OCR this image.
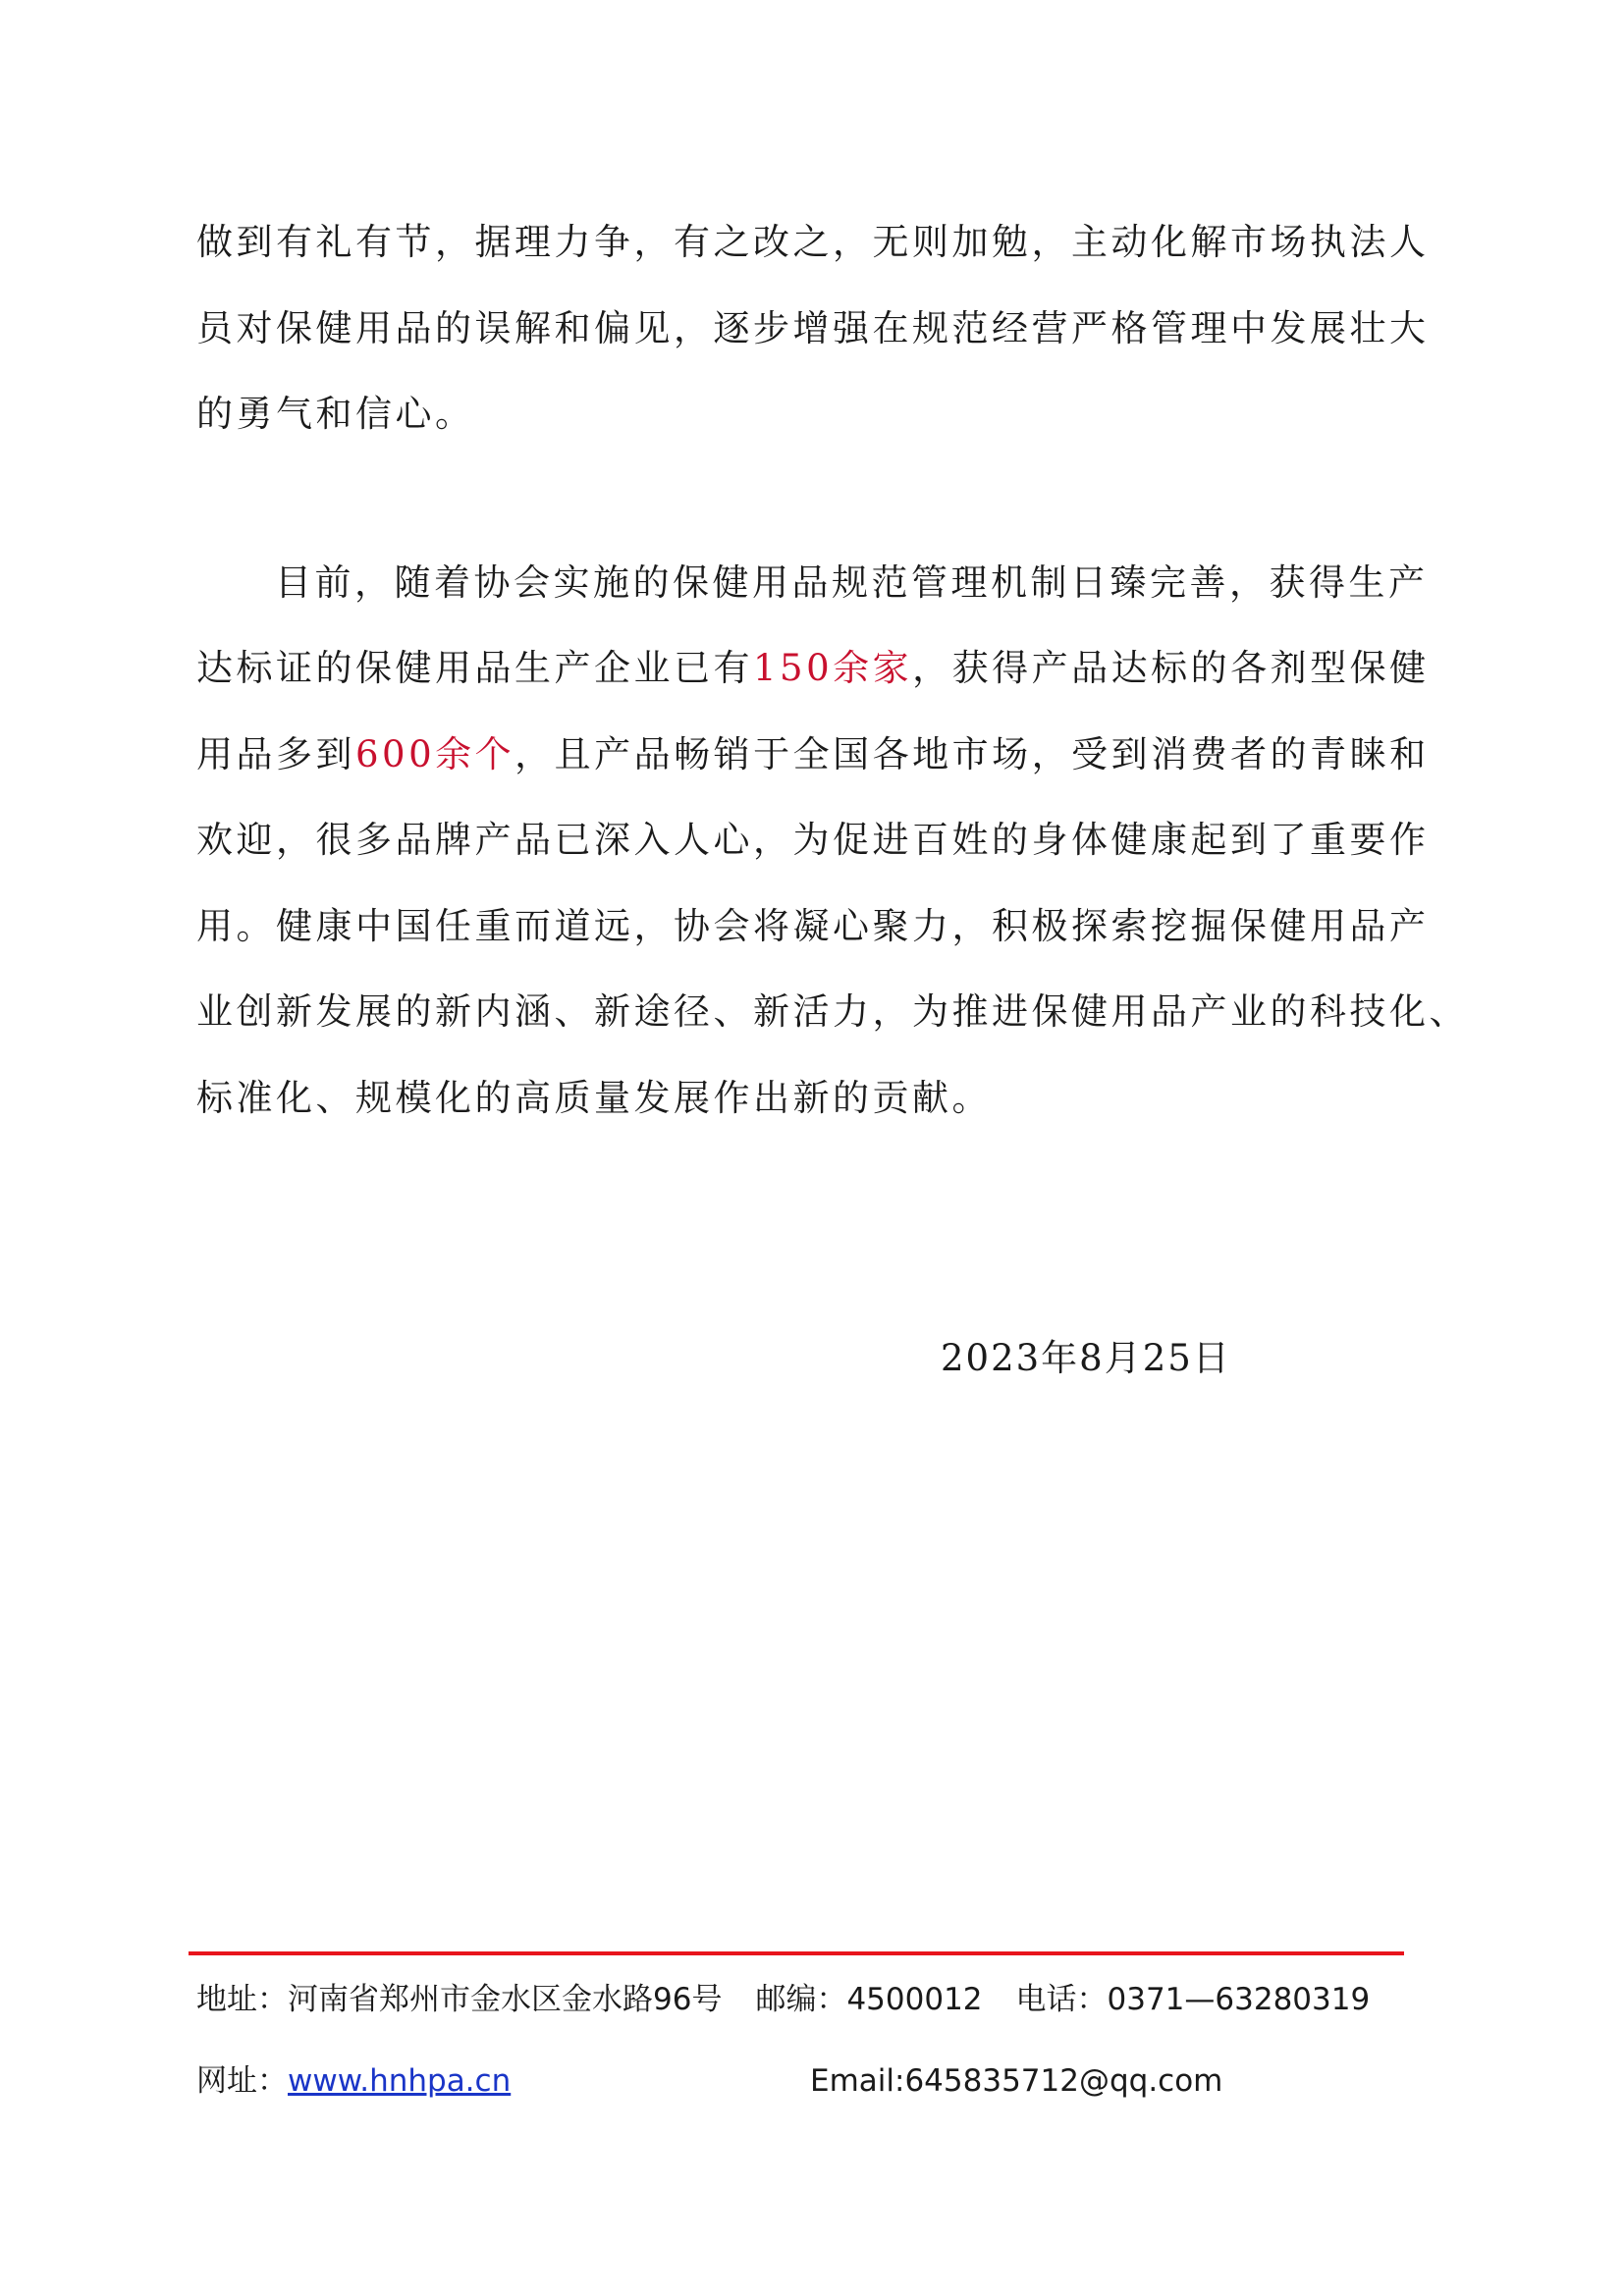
做到有礼有节，据理力争，有之改之，无则加勉，主动化解市场执法人
员对保健用品的误解和偏见，逐步增强在规范经营严格管理中发展壮大
的勇气和信心。
目前，随着协会实施的保健用品规范管理机制日臻完善，获得生产
达标证的保健用品生产企业已有150余家，获得产品达标的各剂型保健
用品多到600余个，且产品畅销于全国各地市场，受到消费者的青睐和
欢迎，很多品牌产品已深入人心，为促进百姓的身体健康起到了重要作
用。健康中国任重而道远，协会将凝心聚力，积极探索挖掘保健用品产
业创新发展的新内涵、新途径、新活力，为推进保健用品产业的科技化、
标准化、规模化的高质量发展作出新的贡献。
2023年8月25日
地址：河南省郑州市金水区金水路96号 邮编：4500012 电话：0371—63280319
网址：www.hnhpa.cn	Email:645835712@qq.com
